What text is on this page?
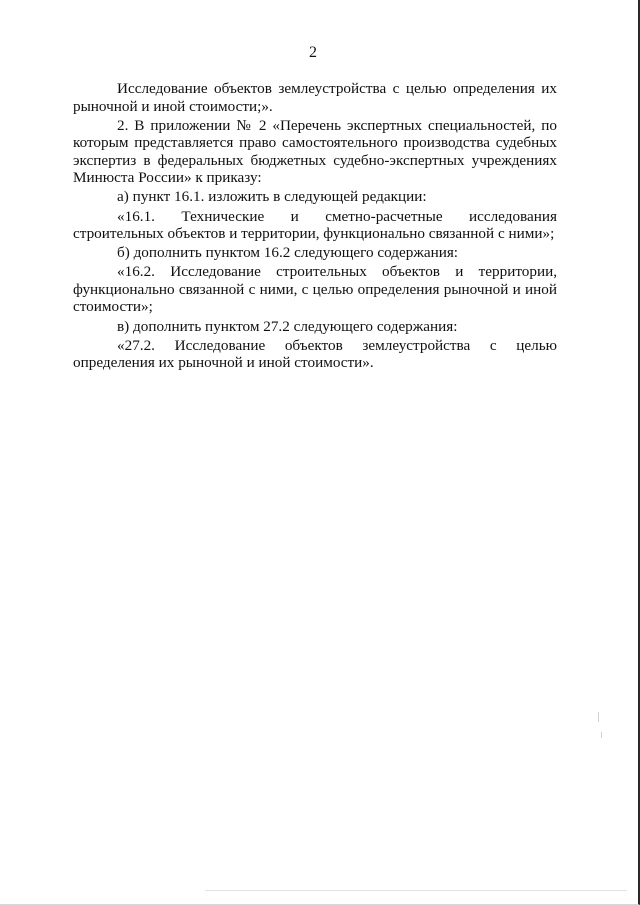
2

Исследование объектов землеустройства с целью определения их рыночной и иной стоимости;».

2. В приложении № 2 «Перечень экспертных специальностей, по которым представляется право самостоятельного производства судебных экспертиз в федеральных бюджетных судебно-экспертных учреждениях Минюста России» к приказу:

а) пункт 16.1. изложить в следующей редакции:

«16.1. Технические и сметно-расчетные исследования строительных объектов и территории, функционально связанной с ними»;

б) дополнить пунктом 16.2 следующего содержания:

«16.2. Исследование строительных объектов и территории, функционально связанной с ними, с целью определения рыночной и иной стоимости»;

в) дополнить пунктом 27.2 следующего содержания:

«27.2. Исследование объектов землеустройства с целью определения их рыночной и иной стоимости».
